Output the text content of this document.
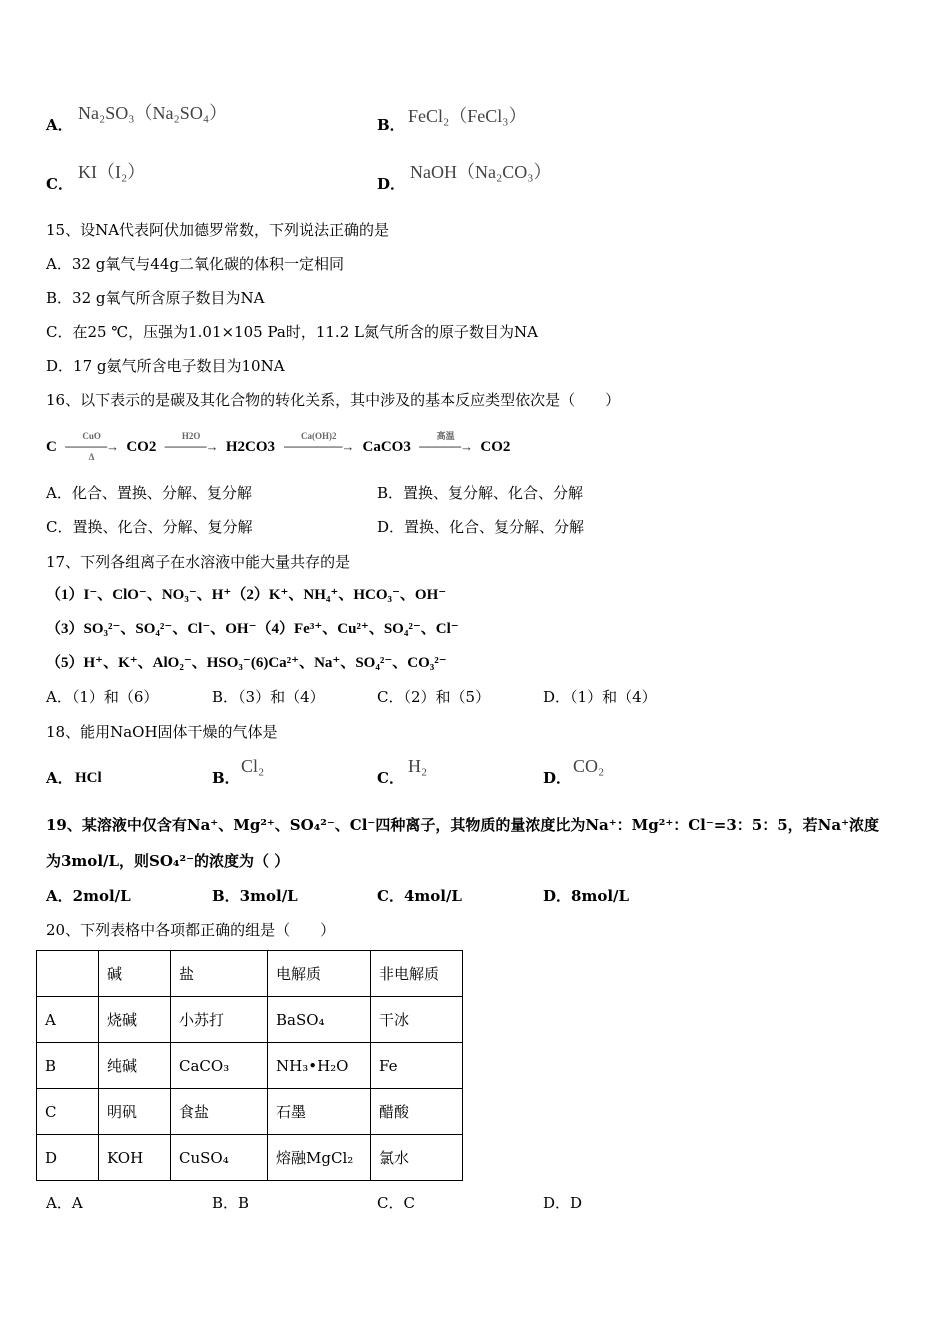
A．
Na₂SO₃（Na₂SO₄）
B． FeCl₂（FeCl₃）
C．
KI（I₂）
D．
NaOH（Na₂CO₃）
15、设NA代表阿伏加德罗常数，下列说法正确的是
A．32 g氧气与44g二氧化碳的体积一定相同
B．32 g氧气所含原子数目为NA
C．在25 ℃，压强为1.01×105 Pa时，11.2 L氮气所含的原子数目为NA
D．17 g氨气所含电子数目为10NA
16、以下表示的是碳及其化合物的转化关系，其中涉及的基本反应类型依次是（　　）
C
CuO
─────→
Δ
CO2
H2O
─────→ H2CO3
Ca(OH)2
───────→ CaCO3
高温
─────→ CO2
A．化合、置换、分解、复分解	B．置换、复分解、化合、分解
C．置换、化合、分解、复分解	D．置换、化合、复分解、分解
17、下列各组离子在水溶液中能大量共存的是
（1）I⁻、ClO⁻、NO₃⁻、H⁺（2）K⁺、NH₄⁺、HCO₃⁻、OH⁻
（3）SO₃²⁻、SO₄²⁻、Cl⁻、OH⁻（4）Fe³⁺、Cu²⁺、SO₄²⁻、Cl⁻
（5）H⁺、K⁺、AlO₂⁻、HSO₃⁻(6)Ca²⁺、Na⁺、SO₄²⁻、CO₃²⁻
A．（1）和（6）	B．（3）和（4）	C．（2）和（5）	D．（1）和（4）
18、能用NaOH固体干燥的气体是
A． HCl	B．
Cl₂
C．
H₂
D．
CO₂
19、某溶液中仅含有Na⁺、Mg²⁺、SO₄²⁻、Cl⁻四种离子，其物质的量浓度比为Na⁺：Mg²⁺：Cl⁻=3：5：5，若Na⁺浓度
为3mol/L，则SO₄²⁻的浓度为（ ）
A．2mol/L	B．3mol/L	C．4mol/L	D．8mol/L
20、下列表格中各项都正确的组是（　　）
	碱	盐	电解质	非电解质
A	烧碱	小苏打	BaSO₄	干冰
B	纯碱	CaCO₃	NH₃•H₂O	Fe
C	明矾	食盐	石墨	醋酸
D	KOH	CuSO₄	熔融MgCl₂	氯水
A．A	B．B	C．C	D．D
